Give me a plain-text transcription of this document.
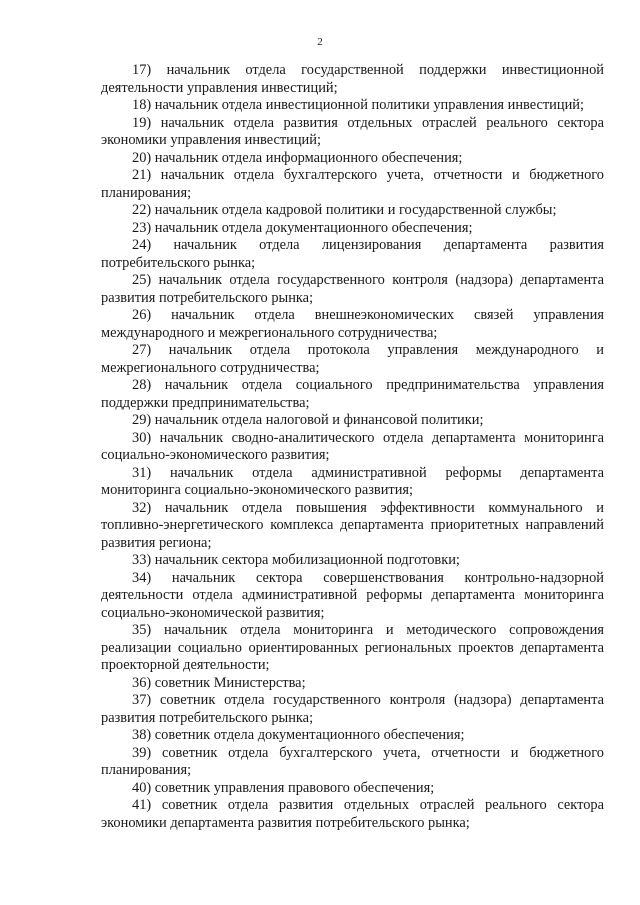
2

17) начальник отдела государственной поддержки инвестиционной деятельности управления инвестиций;

18) начальник отдела инвестиционной политики управления инвестиций;

19) начальник отдела развития отдельных отраслей реального сектора экономики управления инвестиций;

20) начальник отдела информационного обеспечения;

21) начальник отдела бухгалтерского учета, отчетности и бюджетного планирования;

22) начальник отдела кадровой политики и государственной службы;

23) начальник отдела документационного обеспечения;

24) начальник отдела лицензирования департамента развития потребительского рынка;

25) начальник отдела государственного контроля (надзора) департамента развития потребительского рынка;

26) начальник отдела внешнеэкономических связей управления международного и межрегионального сотрудничества;

27) начальник отдела протокола управления международного и межрегионального сотрудничества;

28) начальник отдела социального предпринимательства управления поддержки предпринимательства;

29) начальник отдела налоговой и финансовой политики;

30) начальник сводно-аналитического отдела департамента мониторинга социально-экономического развития;

31) начальник отдела административной реформы департамента мониторинга социально-экономического развития;

32) начальник отдела повышения эффективности коммунального и топливно-энергетического комплекса департамента приоритетных направлений развития региона;

33) начальник сектора мобилизационной подготовки;

34) начальник сектора совершенствования контрольно-надзорной деятельности отдела административной реформы департамента мониторинга социально-экономической развития;

35) начальник отдела мониторинга и методического сопровождения реализации социально ориентированных региональных проектов департамента проекторной деятельности;

36) советник Министерства;

37) советник отдела государственного контроля (надзора) департамента развития потребительского рынка;

38) советник отдела документационного обеспечения;

39) советник отдела бухгалтерского учета, отчетности и бюджетного планирования;

40) советник управления правового обеспечения;

41) советник отдела развития отдельных отраслей реального сектора экономики департамента развития потребительского рынка;
